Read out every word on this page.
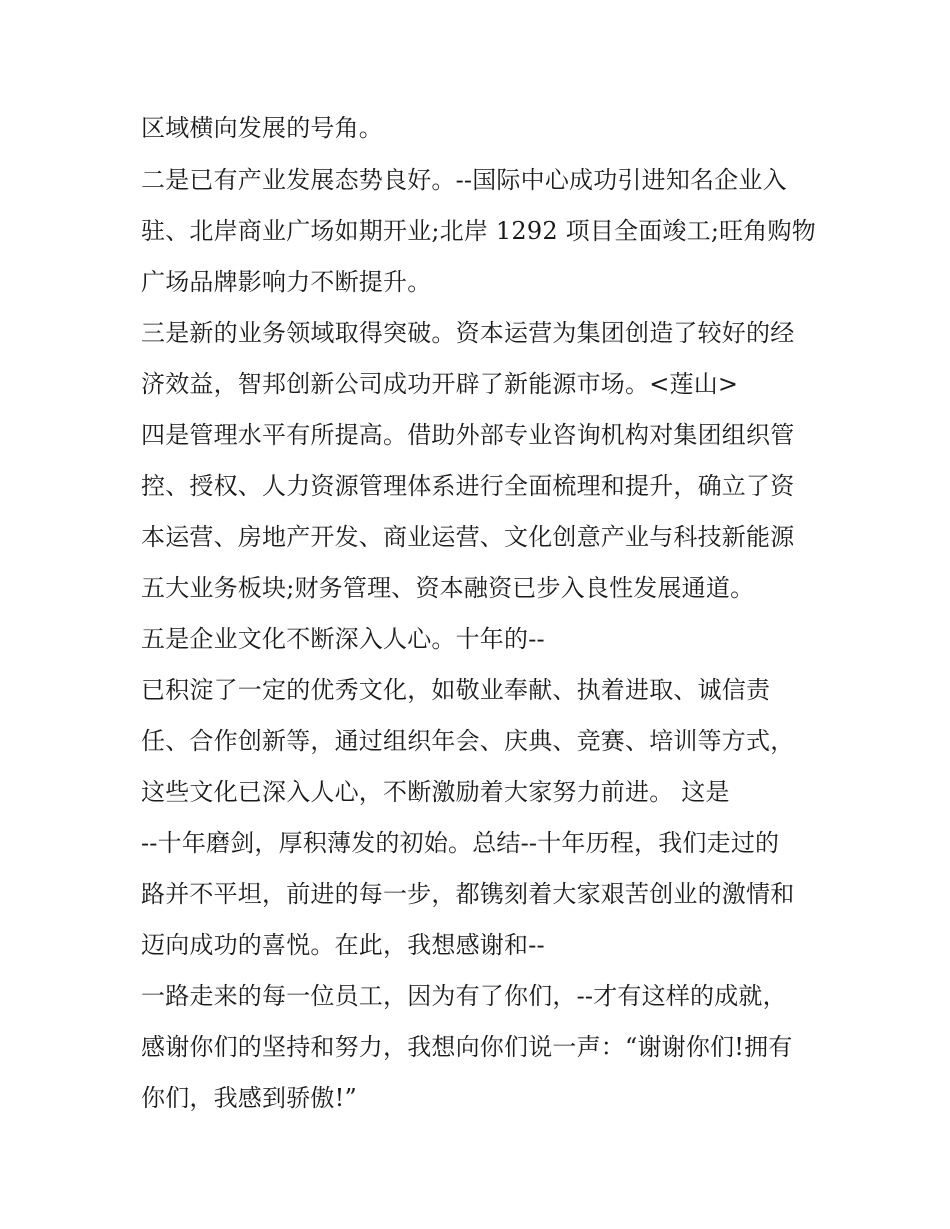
区域横向发展的号角。
二是已有产业发展态势良好。--国际中心成功引进知名企业入
驻、北岸商业广场如期开业;北岸 1292 项目全面竣工;旺角购物
广场品牌影响力不断提升。
三是新的业务领域取得突破。资本运营为集团创造了较好的经
济效益，智邦创新公司成功开辟了新能源市场。<莲山>
四是管理水平有所提高。借助外部专业咨询机构对集团组织管
控、授权、人力资源管理体系进行全面梳理和提升，确立了资
本运营、房地产开发、商业运营、文化创意产业与科技新能源
五大业务板块;财务管理、资本融资已步入良性发展通道。
五是企业文化不断深入人心。十年的--
已积淀了一定的优秀文化，如敬业奉献、执着进取、诚信责
任、合作创新等，通过组织年会、庆典、竞赛、培训等方式，
这些文化已深入人心，不断激励着大家努力前进。 这是
--十年磨剑，厚积薄发的初始。总结--十年历程，我们走过的
路并不平坦，前进的每一步，都镌刻着大家艰苦创业的激情和
迈向成功的喜悦。在此，我想感谢和--
一路走来的每一位员工，因为有了你们，--才有这样的成就，
感谢你们的坚持和努力，我想向你们说一声：“谢谢你们!拥有
你们，我感到骄傲!”
